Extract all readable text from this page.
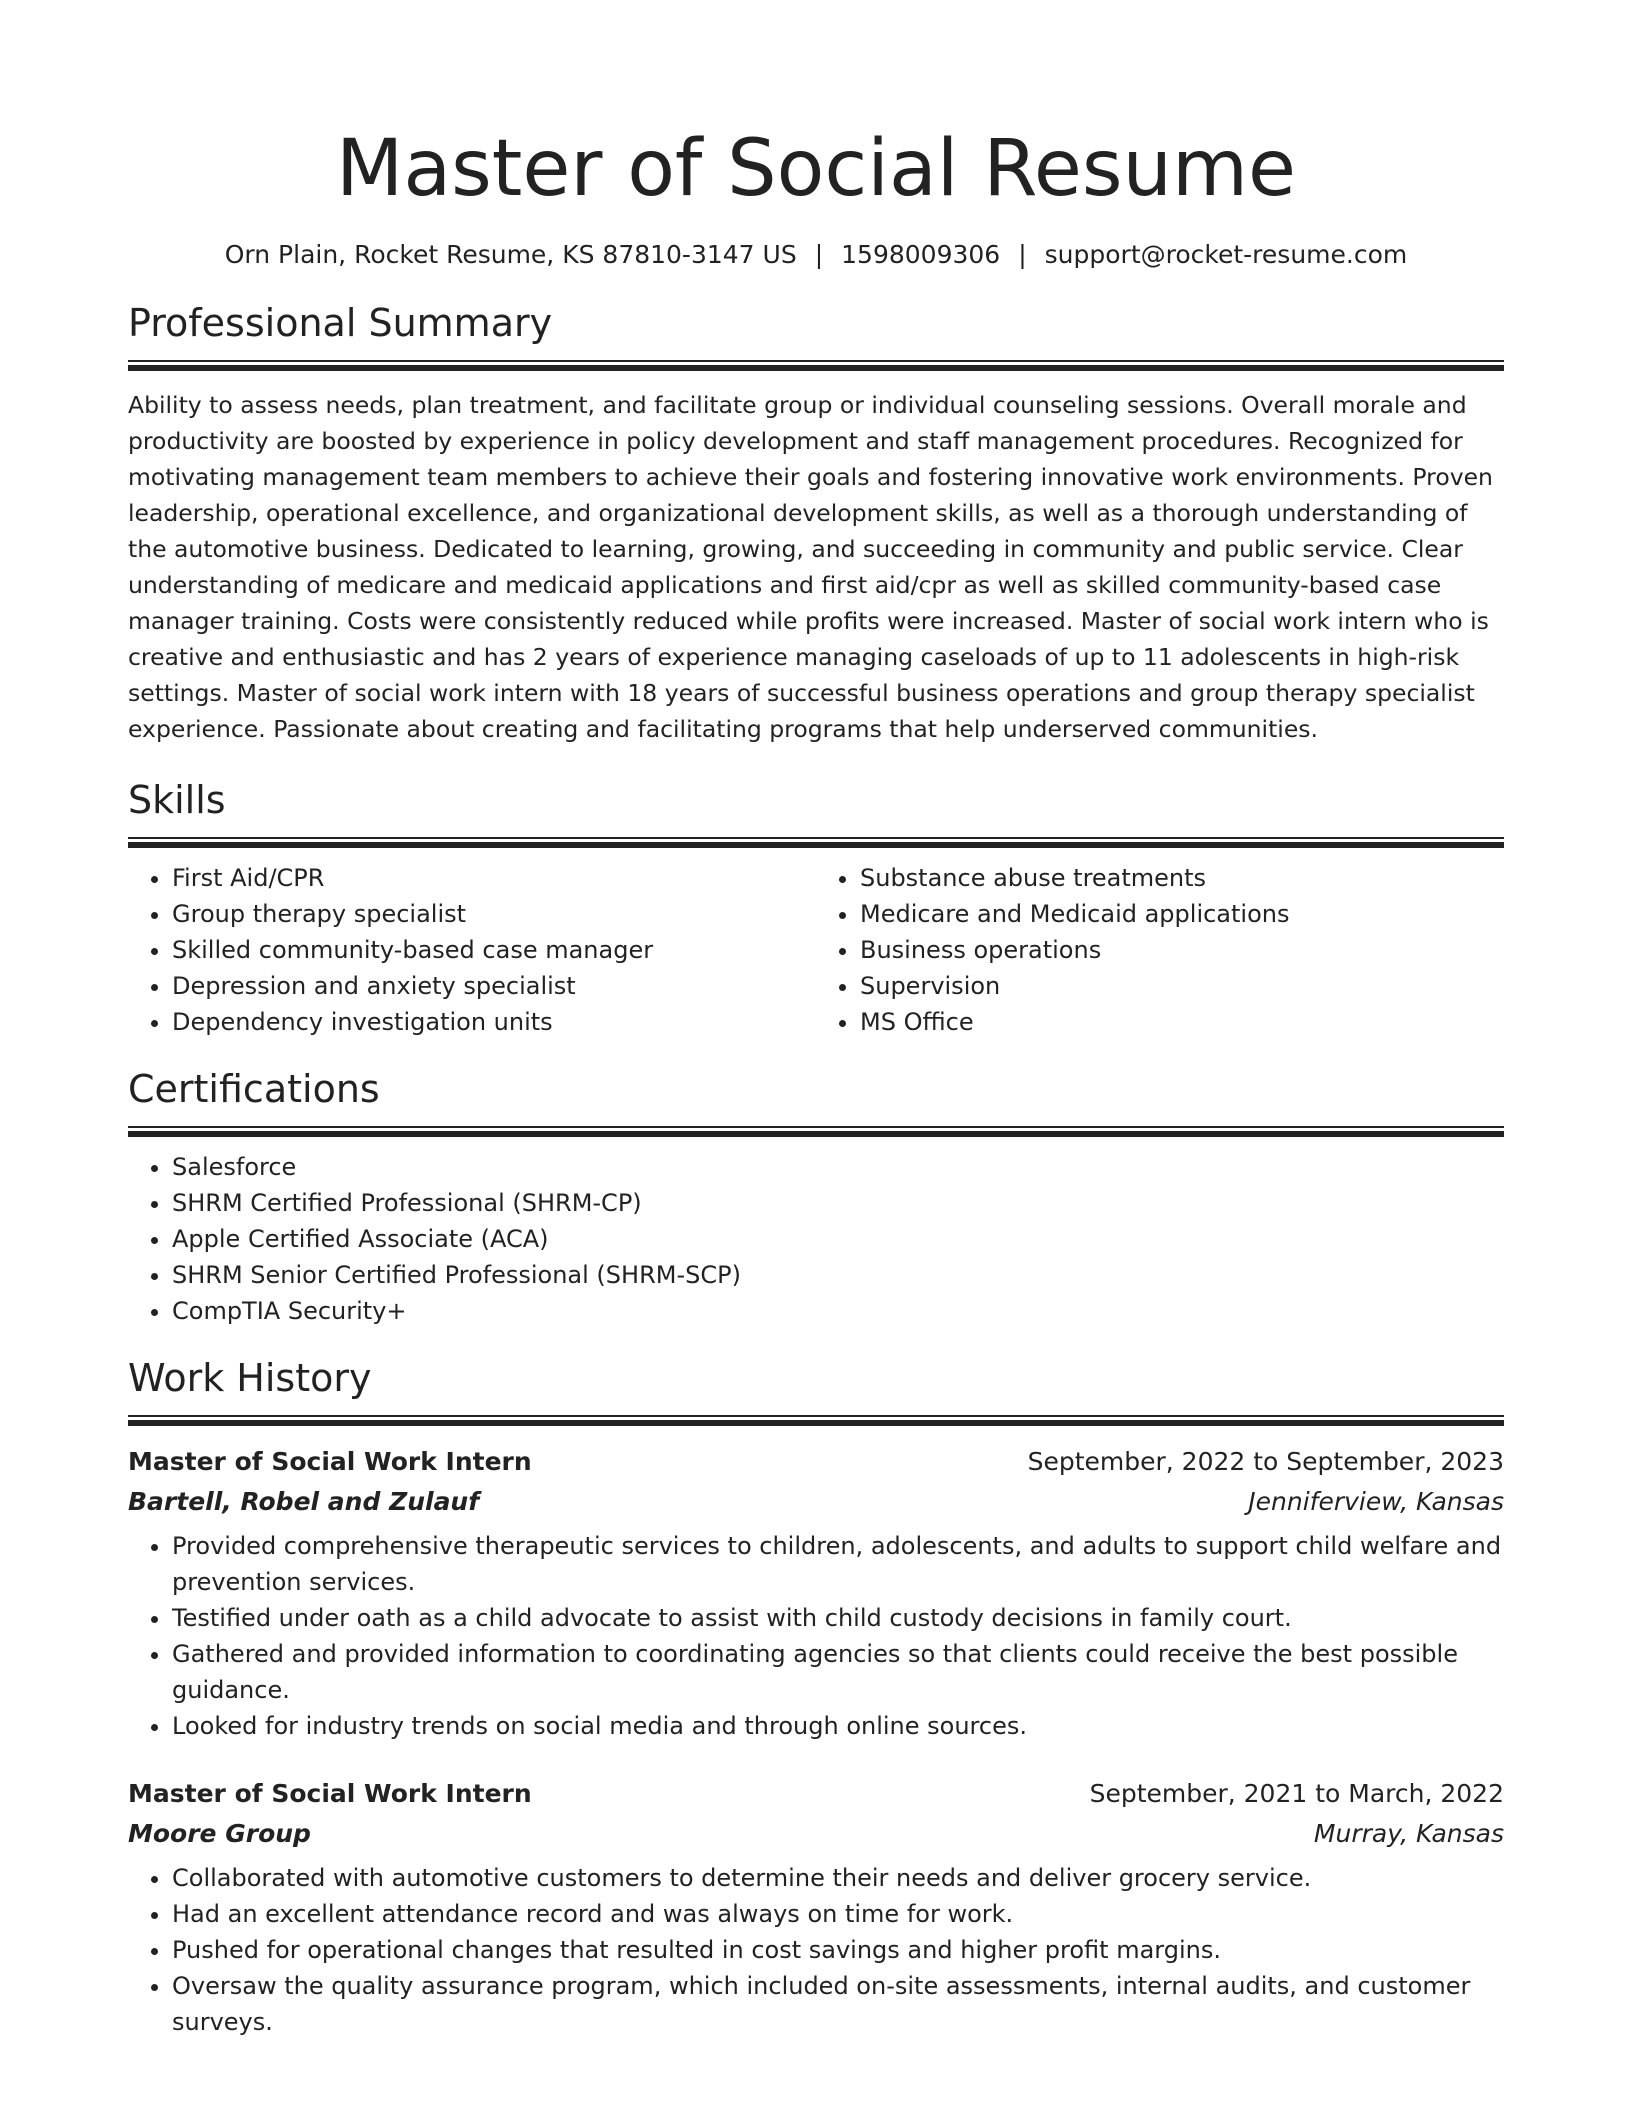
Master of Social Resume
Orn Plain, Rocket Resume, KS 87810-3147 US | 1598009306 | support@rocket-resume.com
Professional Summary

Ability to assess needs, plan treatment, and facilitate group or individual counseling sessions. Overall morale and productivity are boosted by experience in policy development and staff management procedures. Recognized for motivating management team members to achieve their goals and fostering innovative work environments. Proven leadership, operational excellence, and organizational development skills, as well as a thorough understanding of the automotive business. Dedicated to learning, growing, and succeeding in community and public service. Clear understanding of medicare and medicaid applications and first aid/cpr as well as skilled community-based case manager training. Costs were consistently reduced while profits were increased. Master of social work intern who is creative and enthusiastic and has 2 years of experience managing caseloads of up to 11 adolescents in high-risk settings. Master of social work intern with 18 years of successful business operations and group therapy specialist experience. Passionate about creating and facilitating programs that help underserved communities.

Skills
• First Aid/CPR
• Group therapy specialist
• Skilled community-based case manager
• Depression and anxiety specialist
• Dependency investigation units
• Substance abuse treatments
• Medicare and Medicaid applications
• Business operations
• Supervision
• MS Office
Certifications
• Salesforce
• SHRM Certified Professional (SHRM-CP)
• Apple Certified Associate (ACA)
• SHRM Senior Certified Professional (SHRM-SCP)
• CompTIA Security+
Work History
Master of Social Work Intern	September, 2022 to September, 2023
Bartell, Robel and Zulauf	Jenniferview, Kansas
• Provided comprehensive therapeutic services to children, adolescents, and adults to support child welfare and prevention services.
• Testified under oath as a child advocate to assist with child custody decisions in family court.
• Gathered and provided information to coordinating agencies so that clients could receive the best possible guidance.
• Looked for industry trends on social media and through online sources.
Master of Social Work Intern	September, 2021 to March, 2022
Moore Group	Murray, Kansas
• Collaborated with automotive customers to determine their needs and deliver grocery service.
• Had an excellent attendance record and was always on time for work.
• Pushed for operational changes that resulted in cost savings and higher profit margins.
• Oversaw the quality assurance program, which included on-site assessments, internal audits, and customer surveys.
